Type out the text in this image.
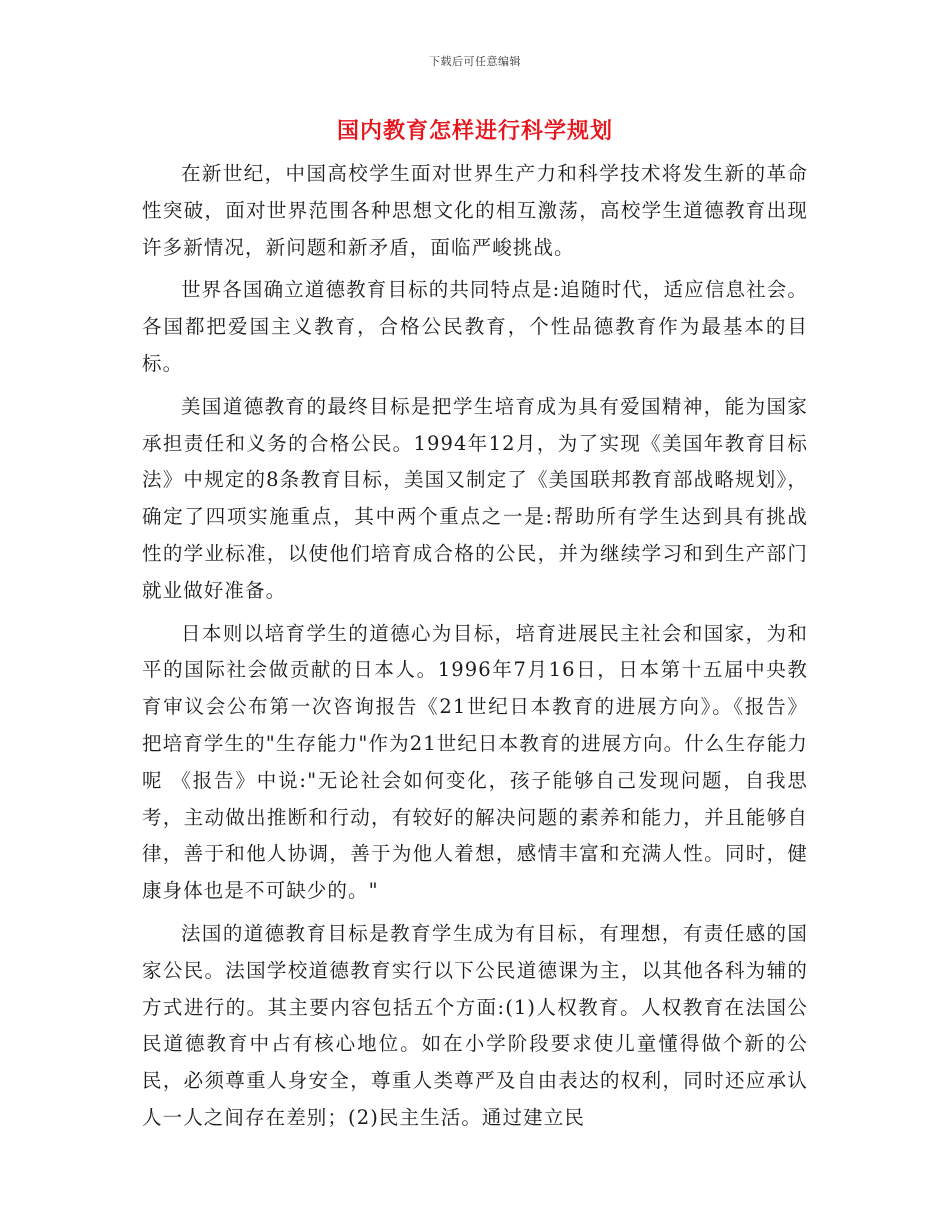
下载后可任意编辑
国内教育怎样进行科学规划

在新世纪，中国高校学生面对世界生产力和科学技术将发生新的革命性突破，面对世界范围各种思想文化的相互激荡，高校学生道德教育出现许多新情况，新问题和新矛盾，面临严峻挑战。

世界各国确立道德教育目标的共同特点是:追随时代，适应信息社会。各国都把爱国主义教育，合格公民教育，个性品德教育作为最基本的目标。

美国道德教育的最终目标是把学生培育成为具有爱国精神，能为国家承担责任和义务的合格公民。1994年12月，为了实现《美国年教育目标法》中规定的8条教育目标，美国又制定了《美国联邦教育部战略规划》，确定了四项实施重点，其中两个重点之一是:帮助所有学生达到具有挑战性的学业标准，以使他们培育成合格的公民，并为继续学习和到生产部门就业做好准备。

日本则以培育学生的道德心为目标，培育进展民主社会和国家，为和平的国际社会做贡献的日本人。1996年7月16日，日本第十五届中央教育审议会公布第一次咨询报告《21世纪日本教育的进展方向》。《报告》把培育学生的"生存能力"作为21世纪日本教育的进展方向。什么生存能力呢 《报告》中说:"无论社会如何变化，孩子能够自己发现问题，自我思考，主动做出推断和行动，有较好的解决问题的素养和能力，并且能够自律，善于和他人协调，善于为他人着想，感情丰富和充满人性。同时，健康身体也是不可缺少的。"

法国的道德教育目标是教育学生成为有目标，有理想，有责任感的国家公民。法国学校道德教育实行以下公民道德课为主，以其他各科为辅的方式进行的。其主要内容包括五个方面:(1)人权教育。人权教育在法国公民道德教育中占有核心地位。如在小学阶段要求使儿童懂得做个新的公民，必须尊重人身安全，尊重人类尊严及自由表达的权利，同时还应承认人一人之间存在差别；(2)民主生活。通过建立民
